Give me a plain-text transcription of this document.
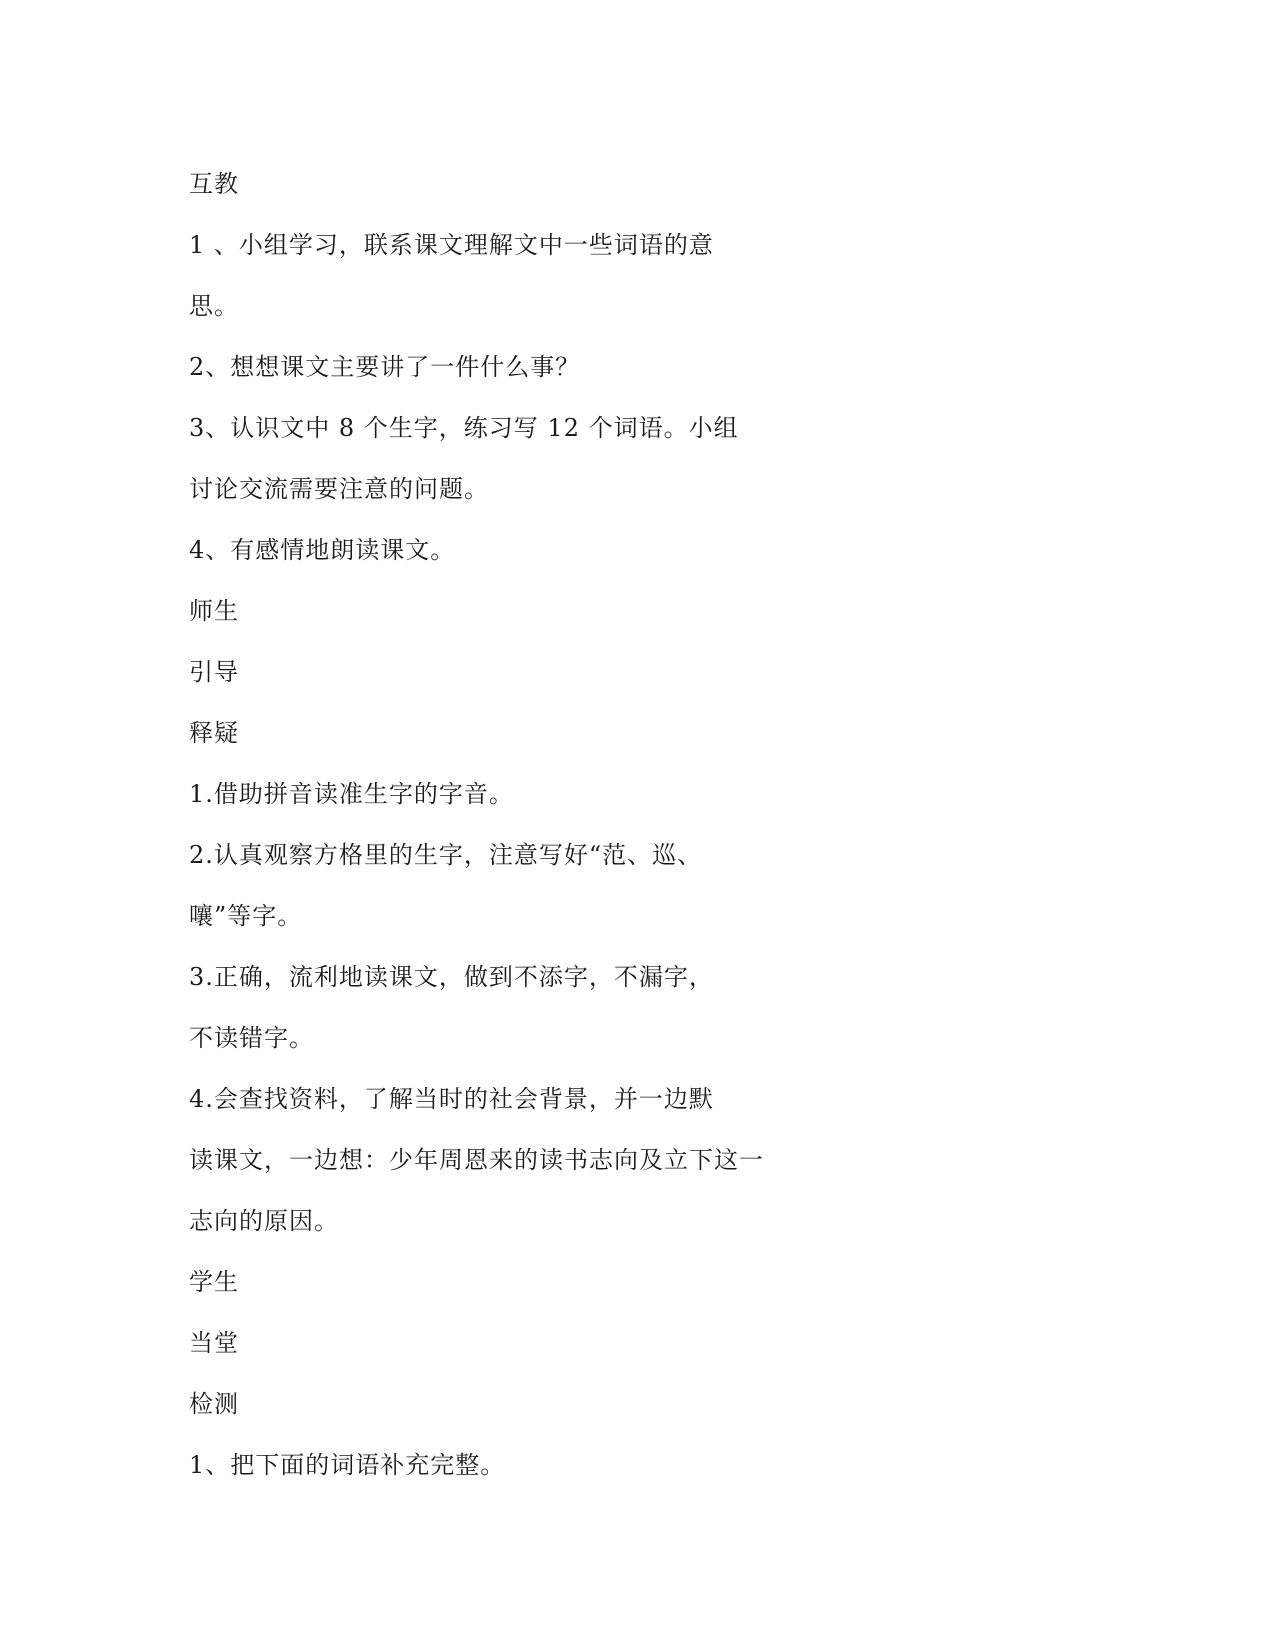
互教
1 、小组学习，联系课文理解文中一些词语的意
思。
2、想想课文主要讲了一件什么事？
3、认识文中 8 个生字，练习写 12 个词语。小组
讨论交流需要注意的问题。
4、有感情地朗读课文。
师生
引导
释疑
1.借助拼音读准生字的字音。
2.认真观察方格里的生字，注意写好“范、巡、
嚷”等字。
3.正确，流利地读课文，做到不添字，不漏字，
不读错字。
4.会查找资料，了解当时的社会背景，并一边默
读课文，一边想：少年周恩来的读书志向及立下这一
志向的原因。
学生
当堂
检测
1、把下面的词语补充完整。
